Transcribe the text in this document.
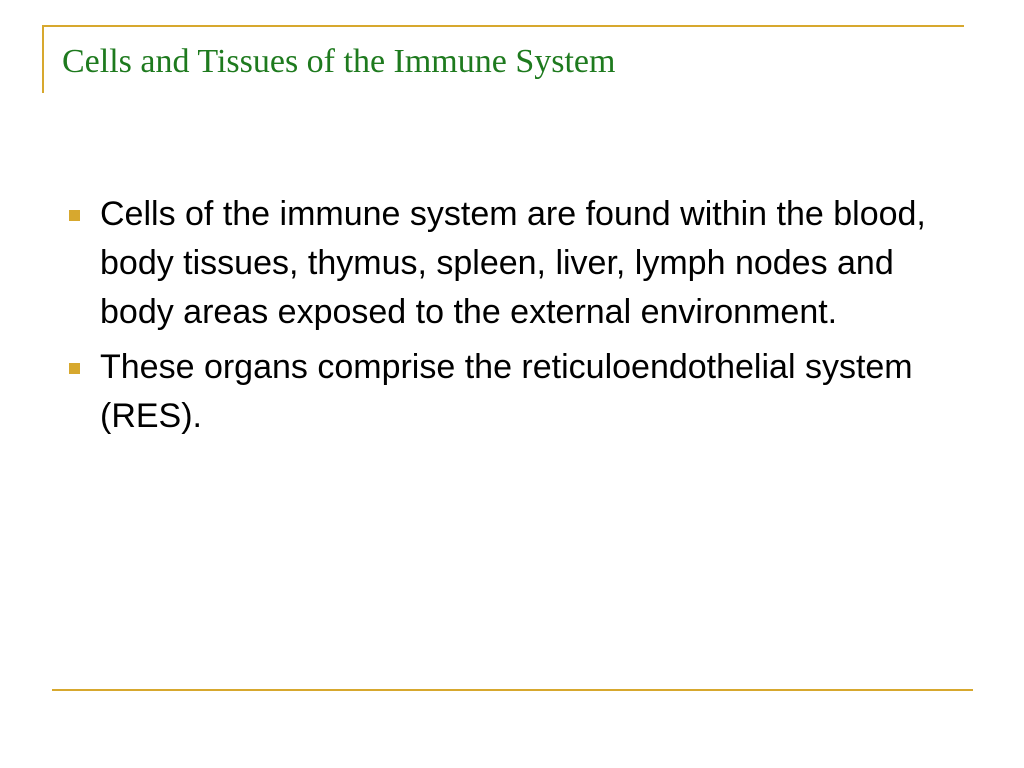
Cells and Tissues of the Immune System
Cells of the immune system are found within the blood, body tissues, thymus, spleen, liver, lymph nodes and body areas exposed to the external environment.
These organs comprise the reticuloendothelial system (RES).
